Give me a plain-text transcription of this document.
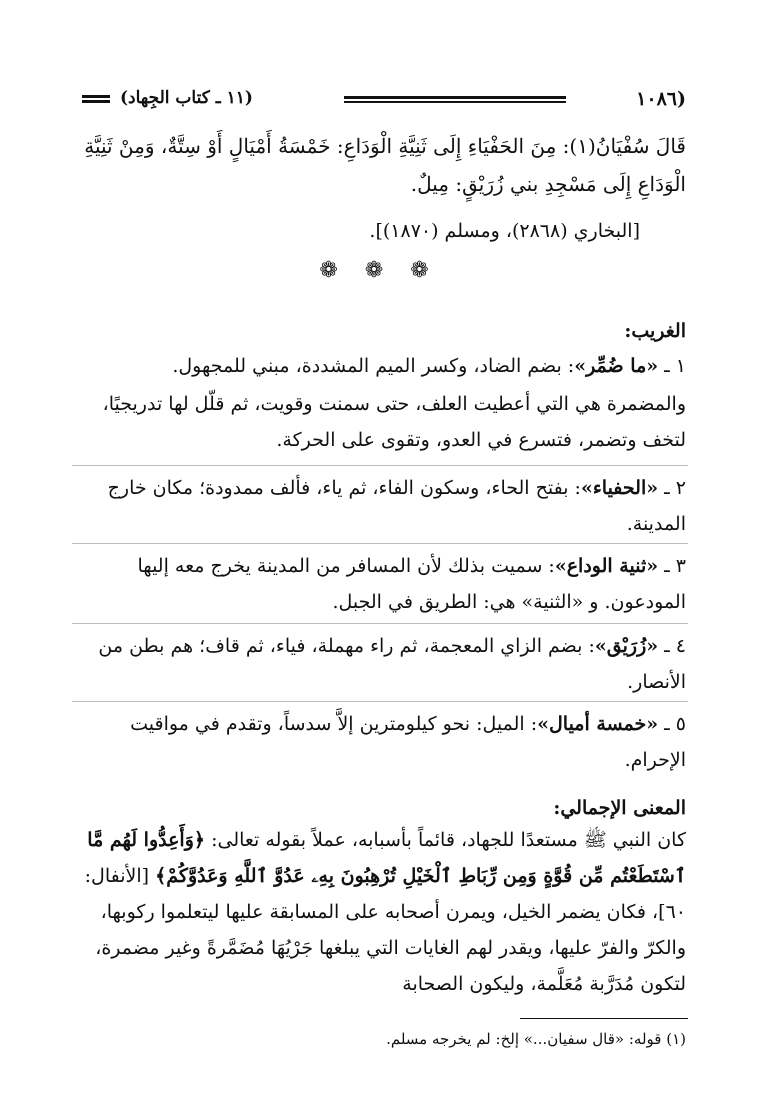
(١٠٨٦
(١١ ـ كتاب الجِهاد)
قَالَ سُفْيَانُ(١): مِنَ الحَفْيَاءِ إِلَى ثَنِيَّةِ الْوَدَاعِ: خَمْسَةُ أَمْيَالٍ أَوْ سِتَّةٌ، وَمِنْ ثَنِيَّةِ الْوَدَاعِ إِلَى مَسْجِدِ بني زُرَيْقٍ: مِيلٌ.
[البخاري (٢٨٦٨)، ومسلم (١٨٧٠)].
❁ ❁ ❁
الغريب:
١ ـ «ما ضُمِّر»: بضم الضاد، وكسر الميم المشددة، مبني للمجهول.
والمضمرة هي التي أعطيت العلف، حتى سمنت وقويت، ثم قلّل لها تدريجيًا، لتخف وتضمر، فتسرع في العدو، وتقوى على الحركة.
٢ ـ «الحفياء»: بفتح الحاء، وسكون الفاء، ثم ياء، فألف ممدودة؛ مكان خارج المدينة.
٣ ـ «ثنية الوداع»: سميت بذلك لأن المسافر من المدينة يخرج معه إليها المودعون. و «الثنية» هي: الطريق في الجبل.
٤ ـ «زُرَيْق»: بضم الزاي المعجمة، ثم راء مهملة، فياء، ثم قاف؛ هم بطن من الأنصار.
٥ ـ «خمسة أميال»: الميل: نحو كيلومترين إلاَّ سدساً، وتقدم في مواقيت الإحرام.
المعنى الإجمالي:
كان النبي ﷺ مستعدًا للجهاد، قائماً بأسبابه، عملاً بقوله تعالى: ﴿وَأَعِدُّوا لَهُم مَّا ٱسْتَطَعْتُم مِّن قُوَّةٍ وَمِن رِّبَاطِ ٱلْخَيْلِ تُرْهِبُونَ بِهِۦ عَدُوَّ ٱللَّهِ وَعَدُوَّكُمْ﴾ [الأنفال: ٦٠]، فكان يضمر الخيل، ويمرن أصحابه على المسابقة عليها ليتعلموا ركوبها، والكرّ والفرّ عليها، ويقدر لهم الغايات التي يبلغها جَرْيُهَا مُضَمَّرةً وغير مضمرة، لتكون مُدَرَّبة مُعَلَّمة، وليكون الصحابة
(١) قوله: «قال سفيان...» إلخ: لم يخرجه مسلم.
